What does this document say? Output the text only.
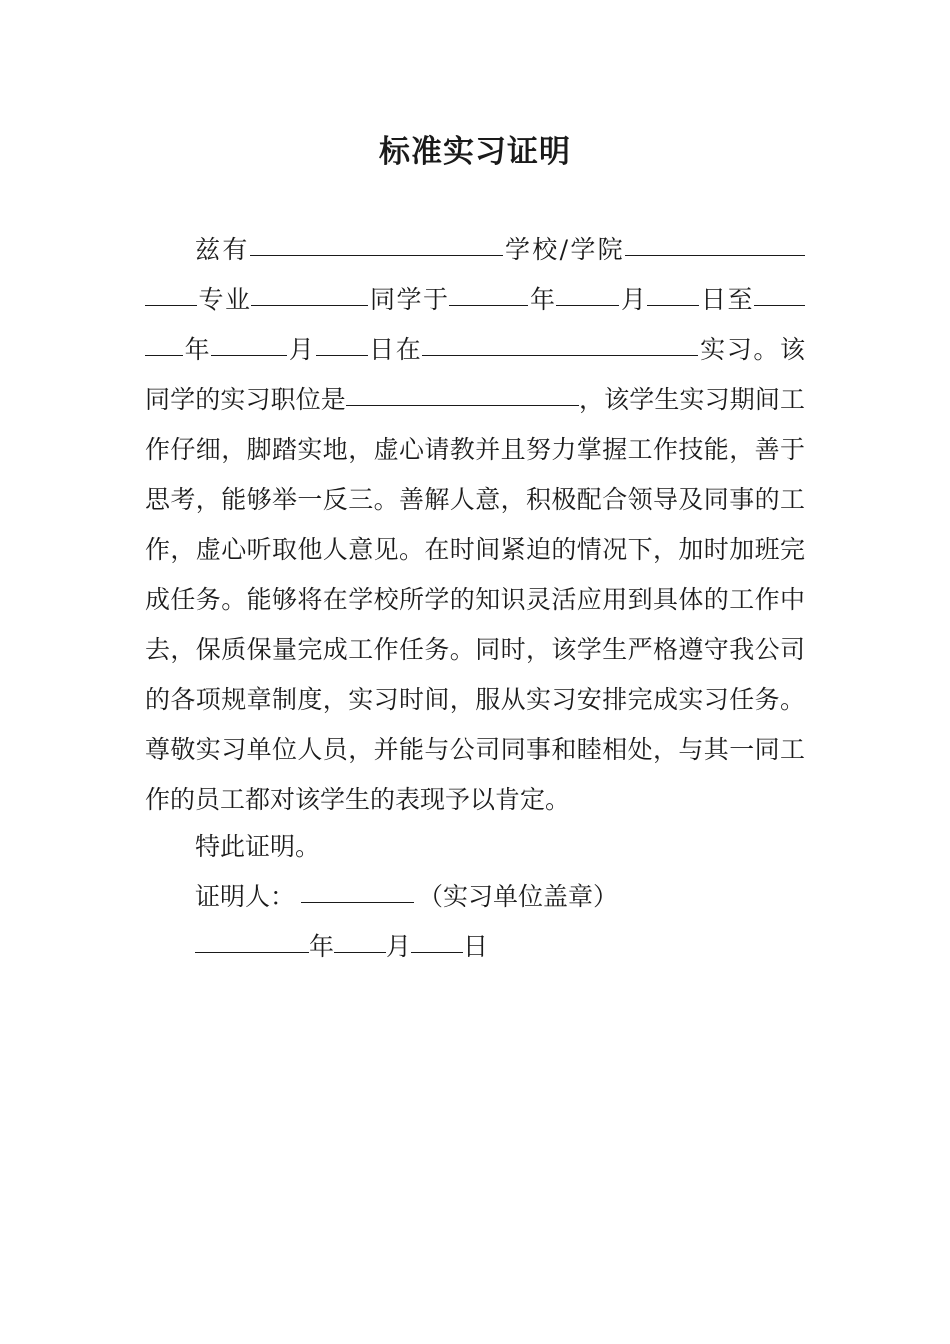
标准实习证明

兹有	学校/学院专业	同学于	年	月 日至年	月 日在	实习。该同学的实习职位是	，该学生实习期间工作仔细，脚踏实地，虚心请教并且努力掌握工作技能，善于思考，能够举一反三。善解人意，积极配合领导及同事的工作，虚心听取他人意见。在时间紧迫的情况下，加时加班完成任务。能够将在学校所学的知识灵活应用到具体的工作中去，保质保量完成工作任务。同时，该学生严格遵守我公司的各项规章制度，实习时间，服从实习安排完成实习任务。尊敬实习单位人员，并能与公司同事和睦相处，与其一同工作的员工都对该学生的表现予以肯定。

特此证明。

证明人：	（实习单位盖章）

年 月 日
